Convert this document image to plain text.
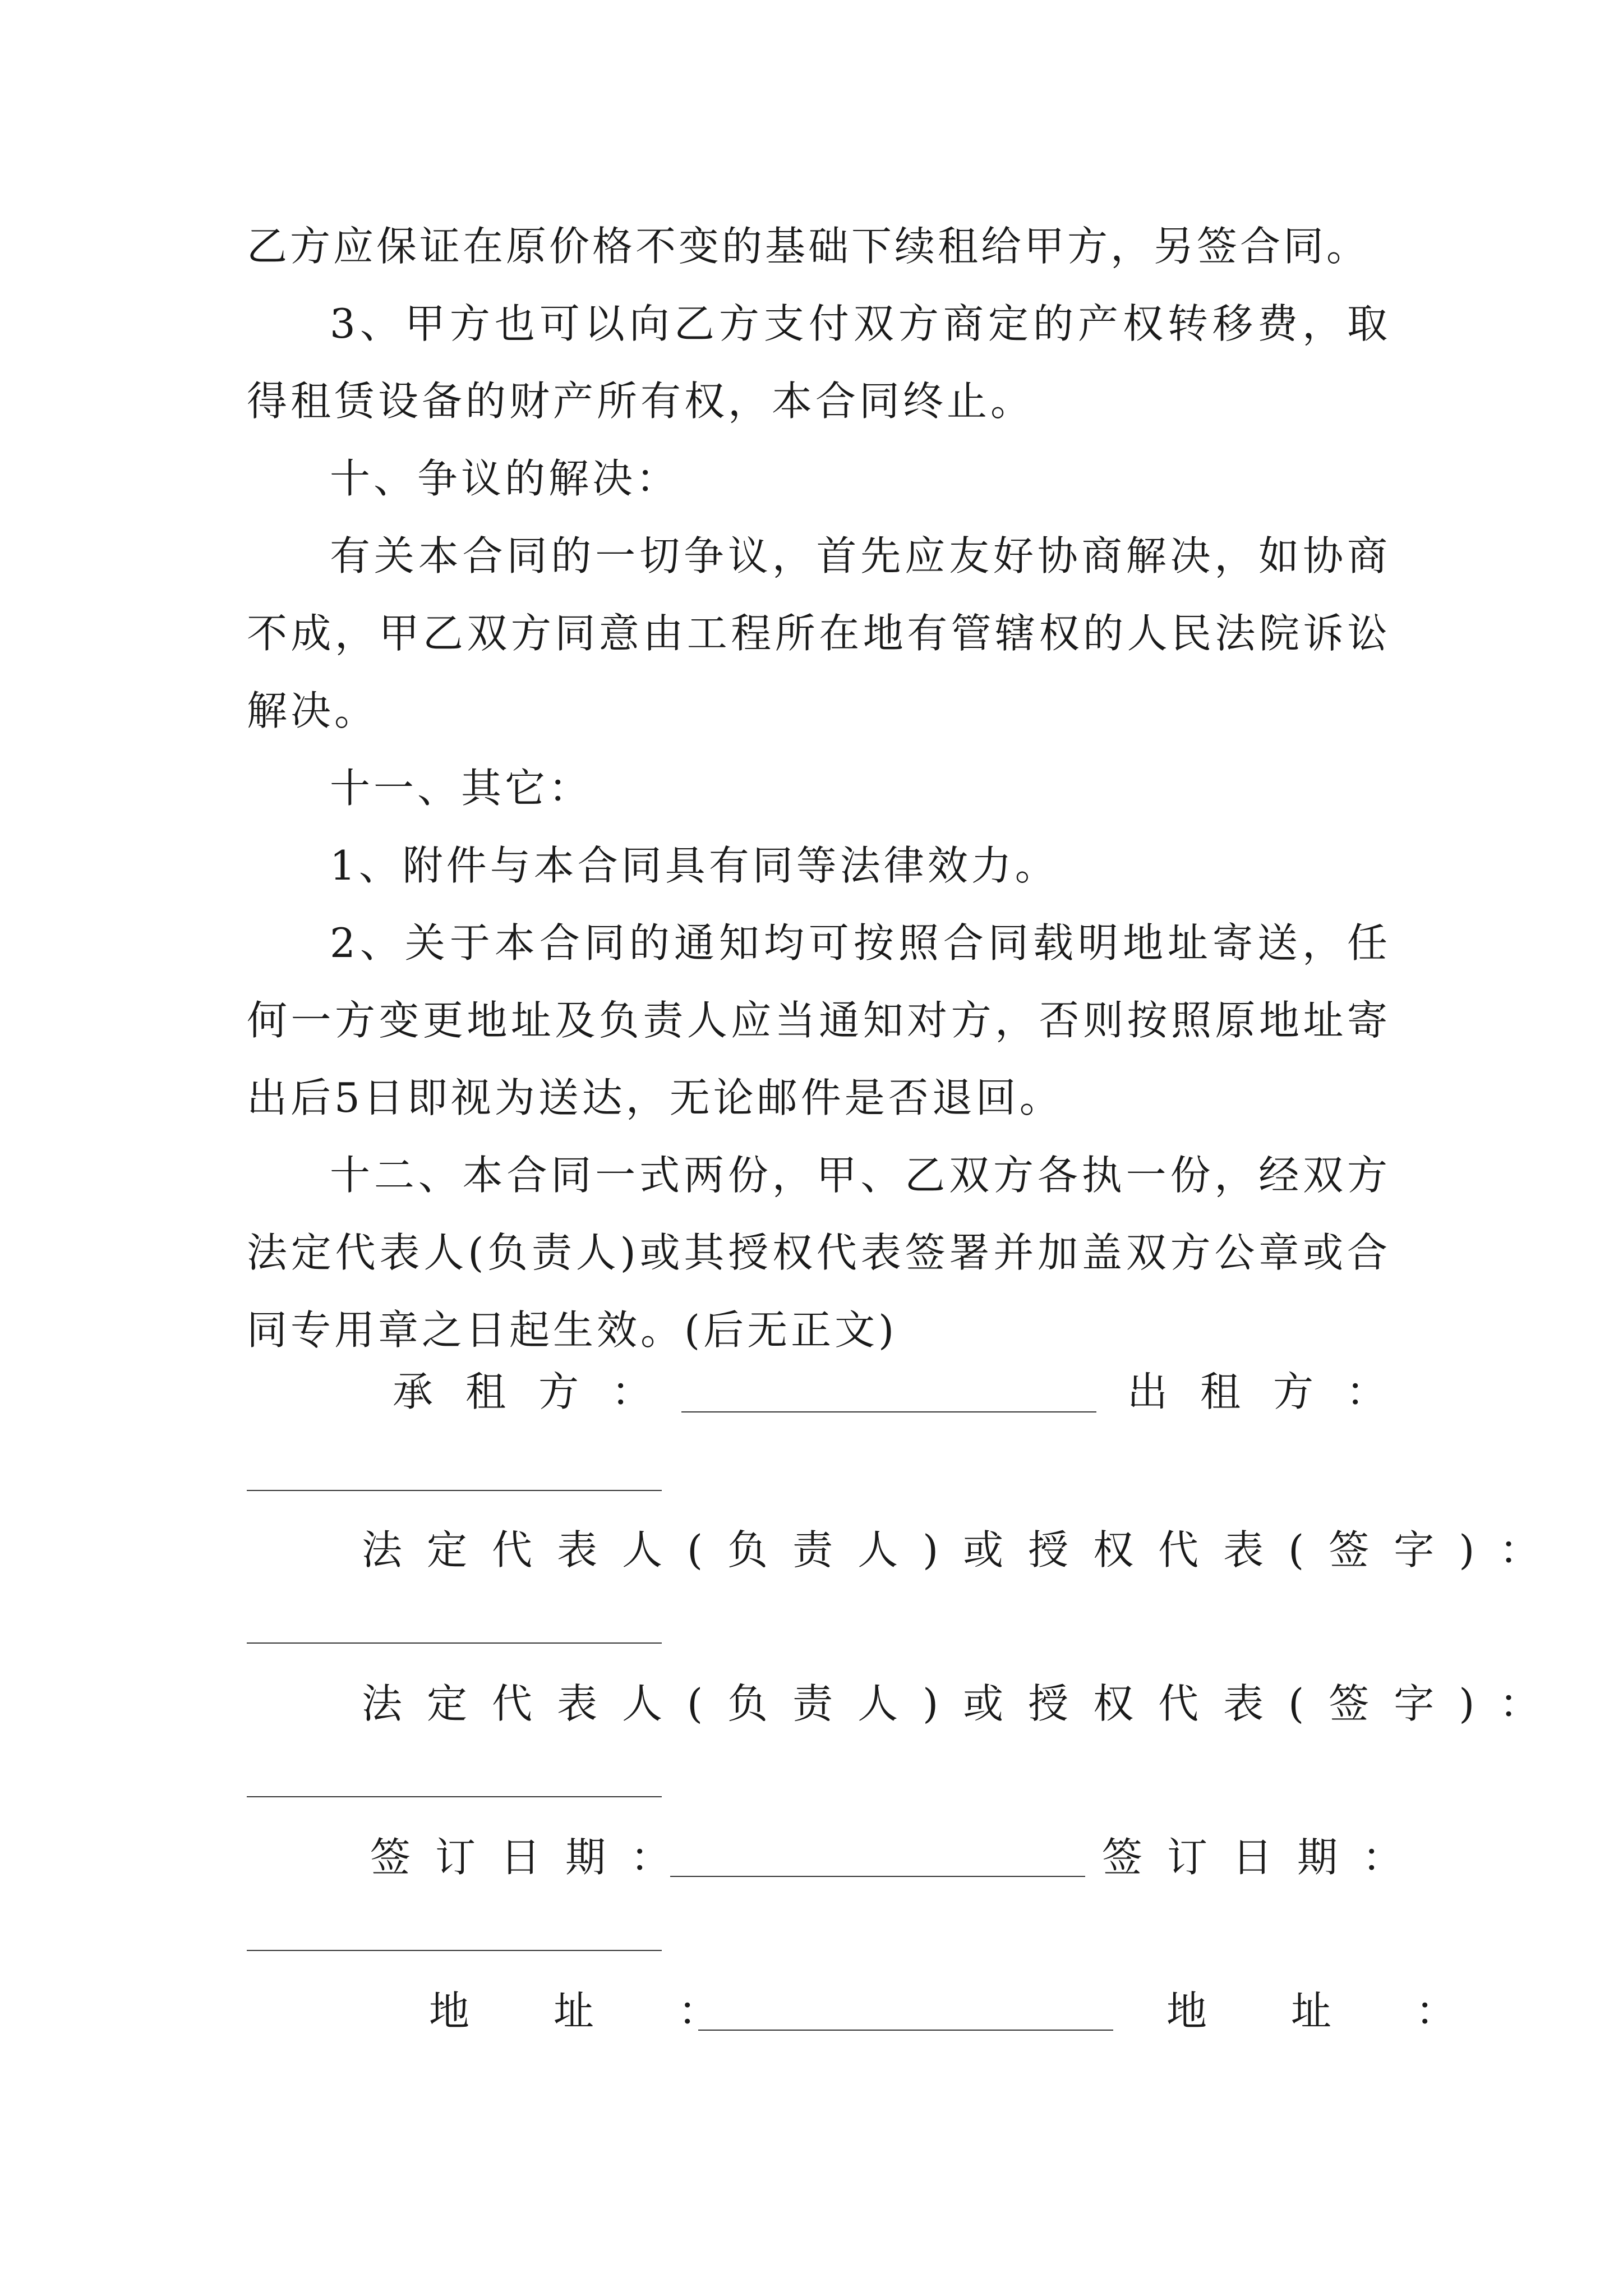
乙方应保证在原价格不变的基础下续租给甲方，另签合同。

3、甲方也可以向乙方支付双方商定的产权转移费，取得租赁设备的财产所有权，本合同终止。

十、争议的解决：

有关本合同的一切争议，首先应友好协商解决，如协商不成，甲乙双方同意由工程所在地有管辖权的人民法院诉讼解决。

十一、其它：

1、附件与本合同具有同等法律效力。

2、关于本合同的通知均可按照合同载明地址寄送，任何一方变更地址及负责人应当通知对方，否则按照原地址寄出后5日即视为送达，无论邮件是否退回。

十二、本合同一式两份，甲、乙双方各执一份，经双方法定代表人(负责人)或其授权代表签署并加盖双方公章或合同专用章之日起生效。(后无正文)

承租方：	出租方：
法定代表人(负责人)或授权代表(签字)：
法定代表人(负责人)或授权代表(签字)：
签订日期：	签订日期：
地址：	地址：
